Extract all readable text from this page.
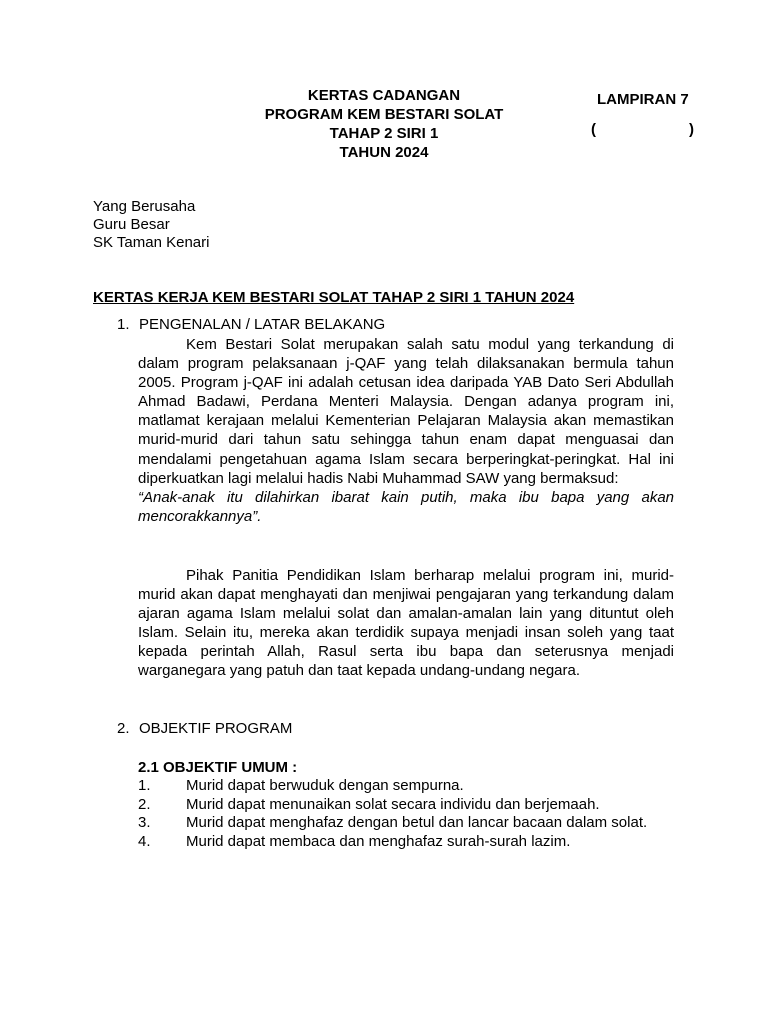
KERTAS CADANGAN
PROGRAM KEM BESTARI SOLAT
TAHAP 2 SIRI 1
TAHUN 2024
LAMPIRAN 7
(	)
Yang Berusaha
Guru Besar
SK Taman Kenari
KERTAS KERJA KEM BESTARI SOLAT TAHAP 2 SIRI 1 TAHUN 2024
1. PENGENALAN / LATAR BELAKANG
Kem Bestari Solat merupakan salah satu modul yang terkandung di dalam program pelaksanaan j-QAF yang telah dilaksanakan bermula tahun 2005. Program j-QAF ini adalah cetusan idea daripada YAB Dato Seri Abdullah Ahmad Badawi, Perdana Menteri Malaysia. Dengan adanya program ini, matlamat kerajaan melalui Kementerian Pelajaran Malaysia akan memastikan murid-murid dari tahun satu sehingga tahun enam dapat menguasai dan mendalami pengetahuan agama Islam secara berperingkat-peringkat. Hal ini diperkuatkan lagi melalui hadis Nabi Muhammad SAW yang bermaksud:
“Anak-anak itu dilahirkan ibarat kain putih, maka ibu bapa yang akan mencorakkannya”.
Pihak Panitia Pendidikan Islam berharap melalui program ini, murid-murid akan dapat menghayati dan menjiwai pengajaran yang terkandung dalam ajaran agama Islam melalui solat dan amalan-amalan lain yang dituntut oleh Islam. Selain itu, mereka akan terdidik supaya menjadi insan soleh yang taat kepada perintah Allah, Rasul serta ibu bapa dan seterusnya menjadi warganegara yang patuh dan taat kepada undang-undang negara.
2. OBJEKTIF PROGRAM
2.1 OBJEKTIF UMUM :
1. Murid dapat berwuduk dengan sempurna.
2. Murid dapat menunaikan solat secara individu dan berjemaah.
3. Murid dapat menghafaz dengan betul dan lancar bacaan dalam solat.
4. Murid dapat membaca dan menghafaz surah-surah lazim.
